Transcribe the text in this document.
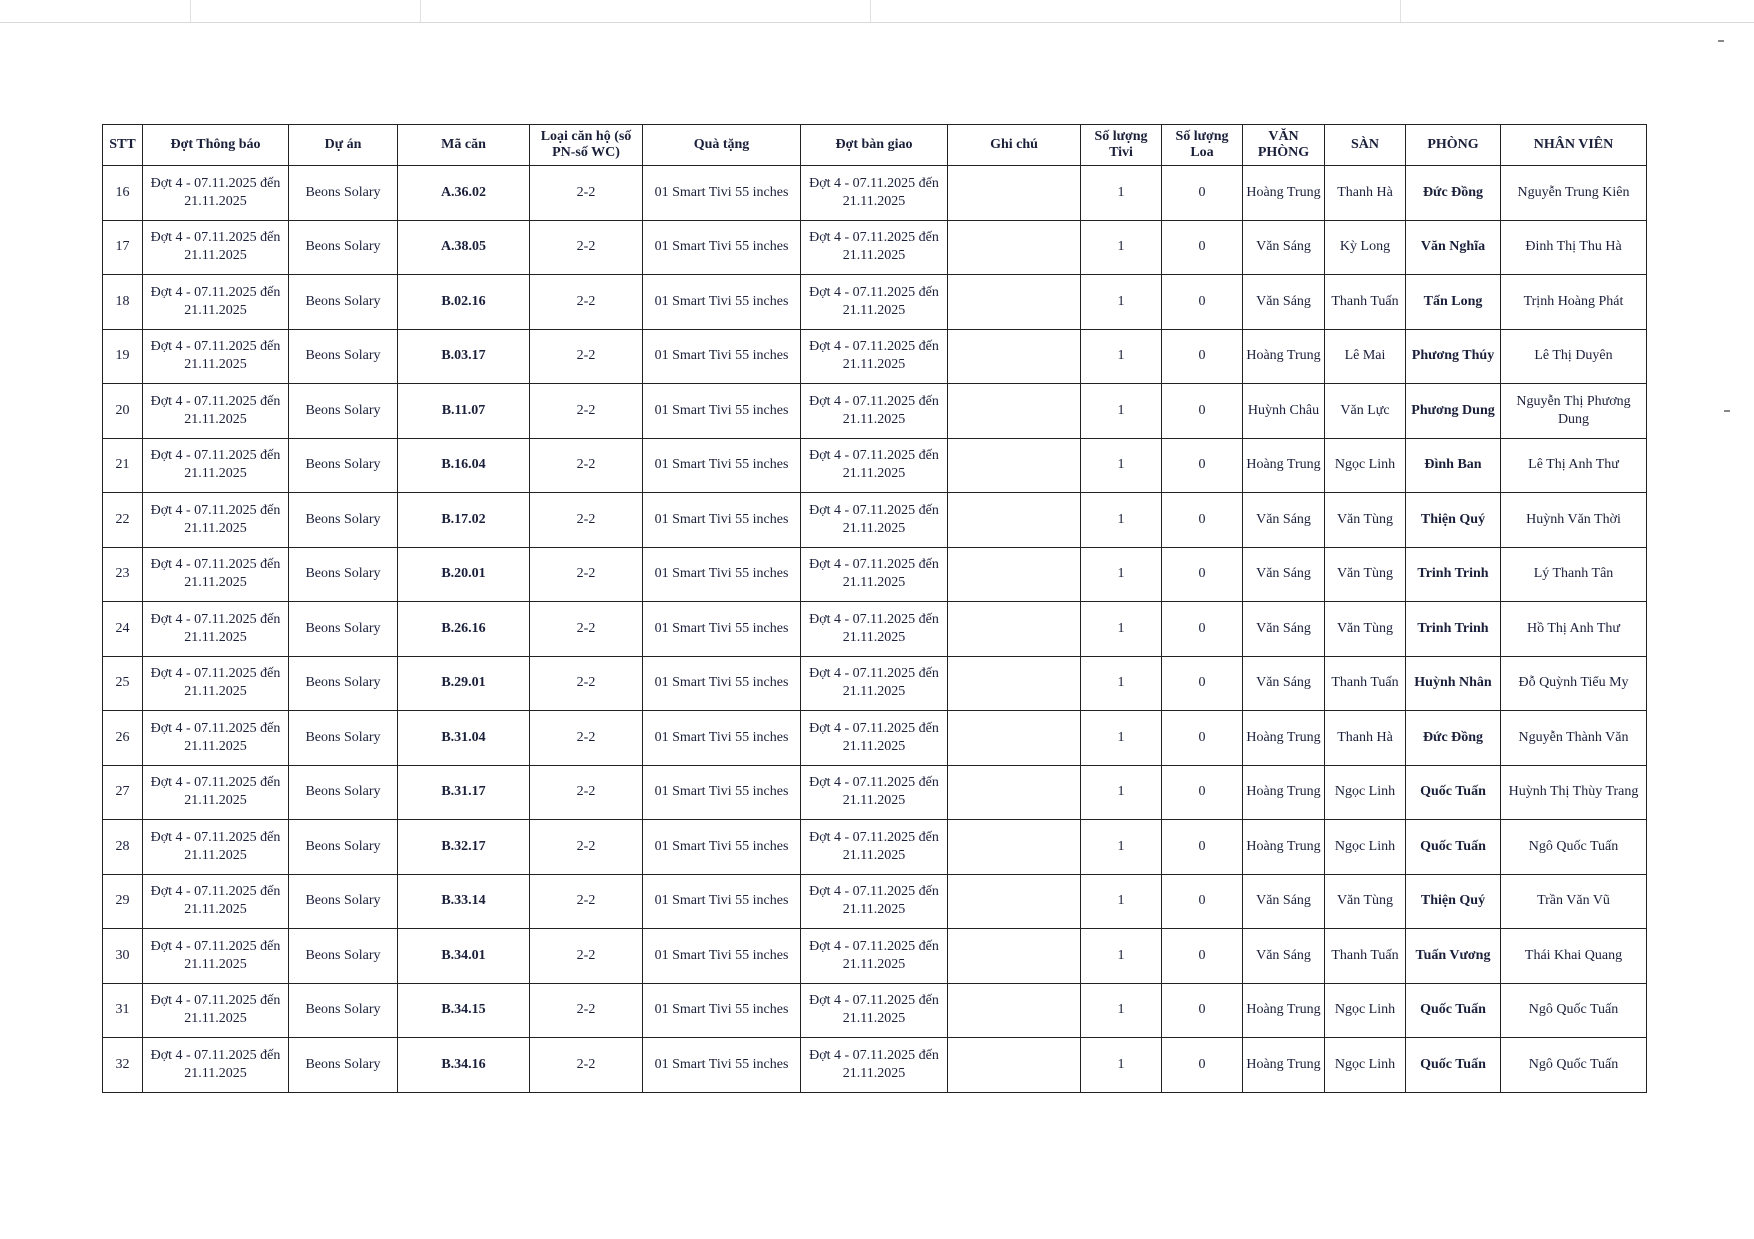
STT	Đợt Thông báo	Dự án	Mã căn	Loại căn hộ (số PN-số WC)	Quà tặng	Đợt bàn giao	Ghi chú	Số lượng Tivi	Số lượng Loa	VĂN PHÒNG	SÀN	PHÒNG	NHÂN VIÊN
16	Đợt 4 - 07.11.2025 đến 21.11.2025	Beons Solary	A.36.02	2-2	01 Smart Tivi 55 inches	Đợt 4 - 07.11.2025 đến 21.11.2025		1	0	Hoàng Trung	Thanh Hà	Đức Đồng	Nguyễn Trung Kiên
17	Đợt 4 - 07.11.2025 đến 21.11.2025	Beons Solary	A.38.05	2-2	01 Smart Tivi 55 inches	Đợt 4 - 07.11.2025 đến 21.11.2025		1	0	Văn Sáng	Kỳ Long	Văn Nghĩa	Đinh Thị Thu Hà
18	Đợt 4 - 07.11.2025 đến 21.11.2025	Beons Solary	B.02.16	2-2	01 Smart Tivi 55 inches	Đợt 4 - 07.11.2025 đến 21.11.2025		1	0	Văn Sáng	Thanh Tuấn	Tấn Long	Trịnh Hoàng Phát
19	Đợt 4 - 07.11.2025 đến 21.11.2025	Beons Solary	B.03.17	2-2	01 Smart Tivi 55 inches	Đợt 4 - 07.11.2025 đến 21.11.2025		1	0	Hoàng Trung	Lê Mai	Phương Thúy	Lê Thị Duyên
20	Đợt 4 - 07.11.2025 đến 21.11.2025	Beons Solary	B.11.07	2-2	01 Smart Tivi 55 inches	Đợt 4 - 07.11.2025 đến 21.11.2025		1	0	Huỳnh Châu	Văn Lực	Phương Dung	Nguyễn Thị Phương Dung
21	Đợt 4 - 07.11.2025 đến 21.11.2025	Beons Solary	B.16.04	2-2	01 Smart Tivi 55 inches	Đợt 4 - 07.11.2025 đến 21.11.2025		1	0	Hoàng Trung	Ngọc Linh	Đình Ban	Lê Thị Anh Thư
22	Đợt 4 - 07.11.2025 đến 21.11.2025	Beons Solary	B.17.02	2-2	01 Smart Tivi 55 inches	Đợt 4 - 07.11.2025 đến 21.11.2025		1	0	Văn Sáng	Văn Tùng	Thiện Quý	Huỳnh Văn Thời
23	Đợt 4 - 07.11.2025 đến 21.11.2025	Beons Solary	B.20.01	2-2	01 Smart Tivi 55 inches	Đợt 4 - 07.11.2025 đến 21.11.2025		1	0	Văn Sáng	Văn Tùng	Trinh Trinh	Lý Thanh Tân
24	Đợt 4 - 07.11.2025 đến 21.11.2025	Beons Solary	B.26.16	2-2	01 Smart Tivi 55 inches	Đợt 4 - 07.11.2025 đến 21.11.2025		1	0	Văn Sáng	Văn Tùng	Trinh Trinh	Hồ Thị Anh Thư
25	Đợt 4 - 07.11.2025 đến 21.11.2025	Beons Solary	B.29.01	2-2	01 Smart Tivi 55 inches	Đợt 4 - 07.11.2025 đến 21.11.2025		1	0	Văn Sáng	Thanh Tuấn	Huỳnh Nhân	Đỗ Quỳnh Tiểu My
26	Đợt 4 - 07.11.2025 đến 21.11.2025	Beons Solary	B.31.04	2-2	01 Smart Tivi 55 inches	Đợt 4 - 07.11.2025 đến 21.11.2025		1	0	Hoàng Trung	Thanh Hà	Đức Đồng	Nguyễn Thành Văn
27	Đợt 4 - 07.11.2025 đến 21.11.2025	Beons Solary	B.31.17	2-2	01 Smart Tivi 55 inches	Đợt 4 - 07.11.2025 đến 21.11.2025		1	0	Hoàng Trung	Ngọc Linh	Quốc Tuấn	Huỳnh Thị Thùy Trang
28	Đợt 4 - 07.11.2025 đến 21.11.2025	Beons Solary	B.32.17	2-2	01 Smart Tivi 55 inches	Đợt 4 - 07.11.2025 đến 21.11.2025		1	0	Hoàng Trung	Ngọc Linh	Quốc Tuấn	Ngô Quốc Tuấn
29	Đợt 4 - 07.11.2025 đến 21.11.2025	Beons Solary	B.33.14	2-2	01 Smart Tivi 55 inches	Đợt 4 - 07.11.2025 đến 21.11.2025		1	0	Văn Sáng	Văn Tùng	Thiện Quý	Trần Văn Vũ
30	Đợt 4 - 07.11.2025 đến 21.11.2025	Beons Solary	B.34.01	2-2	01 Smart Tivi 55 inches	Đợt 4 - 07.11.2025 đến 21.11.2025		1	0	Văn Sáng	Thanh Tuấn	Tuấn Vương	Thái Khai Quang
31	Đợt 4 - 07.11.2025 đến 21.11.2025	Beons Solary	B.34.15	2-2	01 Smart Tivi 55 inches	Đợt 4 - 07.11.2025 đến 21.11.2025		1	0	Hoàng Trung	Ngọc Linh	Quốc Tuấn	Ngô Quốc Tuấn
32	Đợt 4 - 07.11.2025 đến 21.11.2025	Beons Solary	B.34.16	2-2	01 Smart Tivi 55 inches	Đợt 4 - 07.11.2025 đến 21.11.2025		1	0	Hoàng Trung	Ngọc Linh	Quốc Tuấn	Ngô Quốc Tuấn
